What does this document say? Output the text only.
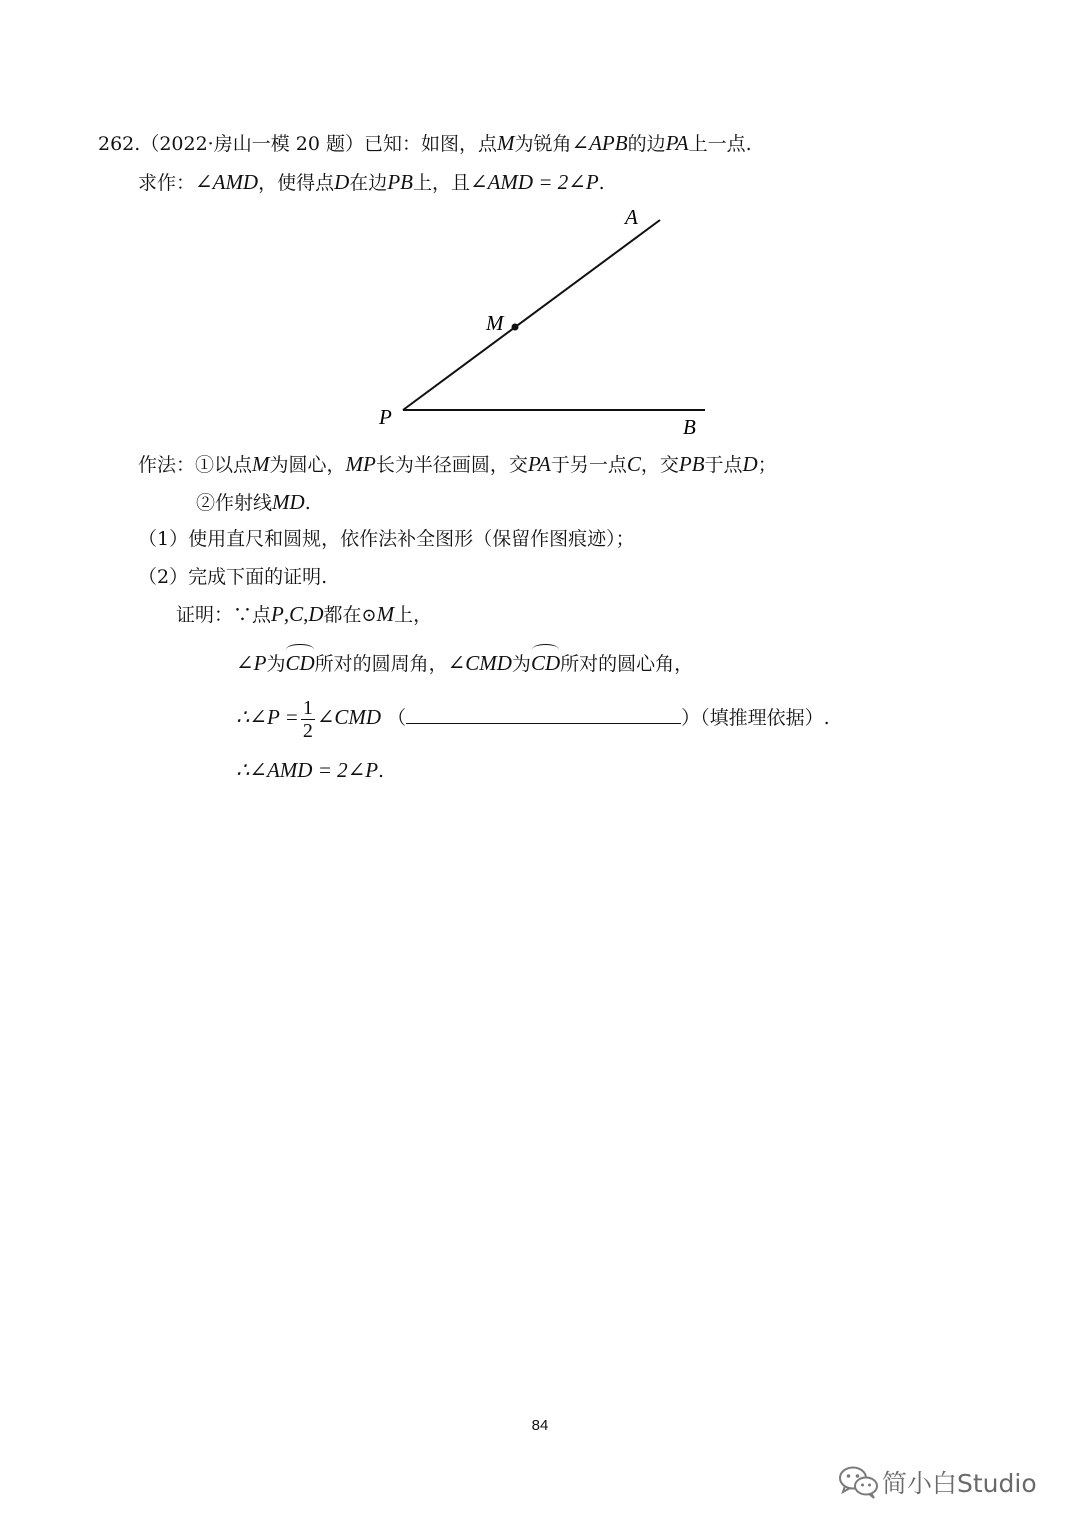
262.（2022·房山一模 20 题）已知：如图，点M为锐角∠APB的边PA上一点.
求作：∠AMD，使得点D在边PB上，且∠AMD = 2∠P.
A
M
P	B
作法：①以点M为圆心，MP长为半径画圆，交PA于另一点C，交PB于点D；
②作射线MD.
（1）使用直尺和圆规，依作法补全图形（保留作图痕迹）；
（2）完成下面的证明.
证明：∵点P,C,D都在⊙M上，
∠P为CD所对的圆周角，∠CMD为CD所对的圆心角，
∴∠P = $\frac{1}{2}$ ∠CMD （	）（填推理依据）.
∴∠AMD = 2∠P.
84
简小白Studio
